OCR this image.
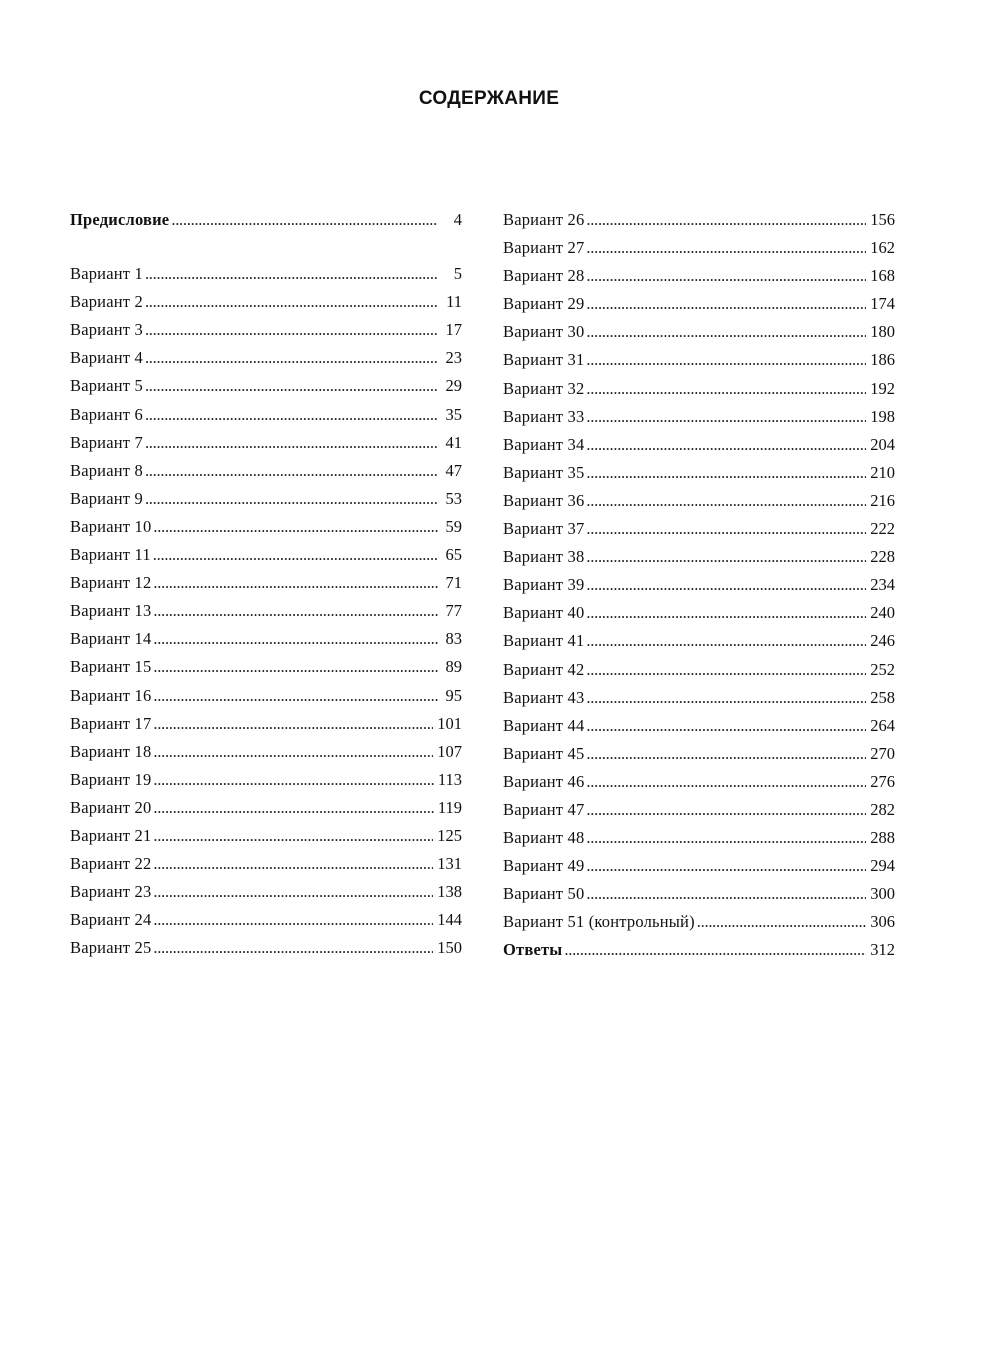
СОДЕРЖАНИЕ
Предисловие . . .	4
Вариант 1 . . .	5
Вариант 2 . . .	11
Вариант 3 . . .	17
Вариант 4 . . .	23
Вариант 5 . . .	29
Вариант 6 . . .	35
Вариант 7 . . .	41
Вариант 8 . . .	47
Вариант 9 . . .	53
Вариант 10 . . .	59
Вариант 11 . . .	65
Вариант 12 . . .	71
Вариант 13 . . .	77
Вариант 14 . . .	83
Вариант 15 . . .	89
Вариант 16 . . .	95
Вариант 17 . . .	101
Вариант 18 . . .	107
Вариант 19 . . .	113
Вариант 20 . . .	119
Вариант 21 . . .	125
Вариант 22 . . .	131
Вариант 23 . . .	138
Вариант 24 . . .	144
Вариант 25 . . .	150
Вариант 26 . . .	156
Вариант 27 . . .	162
Вариант 28 . . .	168
Вариант 29 . . .	174
Вариант 30 . . .	180
Вариант 31 . . .	186
Вариант 32 . . .	192
Вариант 33 . . .	198
Вариант 34 . . .	204
Вариант 35 . . .	210
Вариант 36 . . .	216
Вариант 37 . . .	222
Вариант 38 . . .	228
Вариант 39 . . .	234
Вариант 40 . . .	240
Вариант 41 . . .	246
Вариант 42 . . .	252
Вариант 43 . . .	258
Вариант 44 . . .	264
Вариант 45 . . .	270
Вариант 46 . . .	276
Вариант 47 . . .	282
Вариант 48 . . .	288
Вариант 49 . . .	294
Вариант 50 . . .	300
Вариант 51 (контрольный) . . .	306
Ответы . . .	312
